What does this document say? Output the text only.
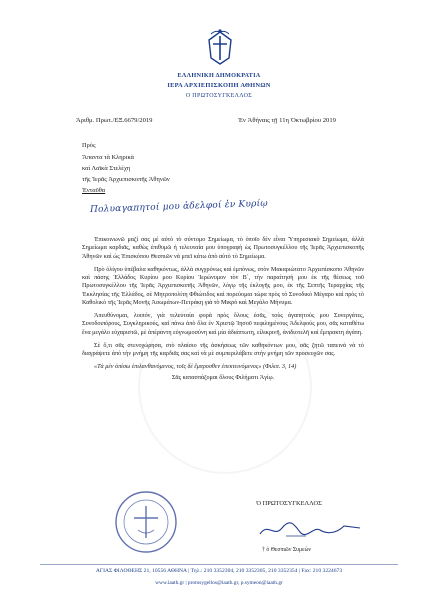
ΕΛΛΗΝΙΚΗ ΔΗΜΟΚΡΑΤΙΑ
ΙΕΡΑ ΑΡΧΙΕΠΙΣΚΟΠΗ ΑΘΗΝΩΝ
Ο ΠΡΩΤΟΣΥΓΚΕΛΛΟΣ
Ἀριθμ. Πρωτ./ΕΞ.6679/2019	Ἐν Ἀθήναις τῇ 11η Ὀκτωβρίου 2019
Πρὸς
Ἅπαντα τὰ Κληρικὰ
καὶ Λαϊκὰ Στελέχη
τῆς Ἱερᾶς Ἀρχιεπισκοπῆς Ἀθηνῶν
Ἐνταῦθα
Πολυαγαπητοί μου ἀδελφοί ἐν Κυρίῳ

Ἐπικοινωνῶ μαζί σας μὲ αὐτὸ τὸ σύντομο Σημείωμα, τὸ ὁποῖο δὲν εἶναι Ὑπηρεσιακὸ Σημείωμα, ἀλλὰ Σημείωμα καρδιᾶς, καθὼς ἐπιθυμῶ ἡ τελευταία μου ὑπογραφὴ ὡς Πρωτοσυγκέλλου τῆς Ἱερᾶς Ἀρχιεπισκοπῆς Ἀθηνῶν καὶ ὡς Ἐπισκόπου Θεσπιῶν νὰ μπεῖ κάτω ἀπὸ αὐτὸ τὸ Σημείωμα.

Πρὸ ὀλίγου ὑπέβαλα καθηκόντως, ἀλλὰ συγχρόνως καὶ ἐμπόνως, στὸν Μακαριώτατο Ἀρχιεπίσκοπο Ἀθηνῶν καὶ πάσης Ἑλλάδος Κυρίου μου Κυρίου Ἱερώνυμον τὸν Β΄, τὴν παραίτησή μου ἐκ τῆς θέσεως τοῦ Πρωτοσυγκέλλου τῆς Ἱερᾶς Ἀρχιεπισκοπῆς Ἀθηνῶν, λόγῳ τῆς ἐκλογῆς μου, ἐκ τῆς Σεπτῆς Ἱεραρχίας τῆς Ἐκκλησίας τῆς Ἑλλάδος, σὲ Μητροπολίτη Φθιώτιδος καὶ πορεύομαι τώρα πρὸς τὸ Συνοδικὸ Μέγαρο καὶ πρὸς τὸ Καθολικὸ τῆς Ἱερᾶς Μονῆς Ἀσωμάτων-Πετράκη γιὰ τὸ Μικρὸ καὶ Μεγάλο Μήνυμα.

Ἀπευθύνομαι, λοιπόν, γιὰ τελευταία φορὰ πρὸς ὅλους ἐσᾶς, τοὺς ἀγαπητούς μου Συνεργάτες, Συνοδοιπόρους, Συγκληρικούς, καὶ πάνω ἀπὸ ὅλα ἐν Χριστῷ Ἰησοῦ πεφιλημένους Ἀδελφούς μου, σᾶς καταθέτω ἕνα μεγάλο εὐχαριστῶ, μὲ ἀπέραντη εὐγνωμοσύνη καὶ μία ἀδιάπτωτη, εἰλικρινῆ, ἀνιδιοτελῆ καὶ ἔμπρακτη ἀγάπη.

Σὲ ὅ,τι σᾶς στενοχώρησα, στὸ πλαίσιο τῆς ἀσκήσεως τῶν καθηκόντων μου, σᾶς ζητῶ ταπεινὰ νὰ τὸ διαγράψετε ἀπὸ τὴν μνήμη τῆς καρδιᾶς σας καὶ νὰ μὲ συμπεριλάβετε στὴν μνήμη τῶν προσευχῶν σας.

«Τὰ μὲν ὀπίσω ἐπιλανθανόμενος, τοῖς δὲ ἔμπροσθεν ἐπεκτεινόμενος» (Φιλιπ. 3, 14)

Σᾶς κατασπάζομαι ὅλους Φιλήματι Ἁγίῳ.

Ὁ ΠΡΩΤΟΣΥΓΚΕΛΛΟΣ
† ὁ Θεσπιῶν Συμεών
ΑΓΙΑΣ ΦΙΛΟΘΕΗΣ 21, 10556 ΑΘΗΝΑ | Τηλ.: 210 3352304, 210 3352305, 210 3352354 | Fax: 210 3224673
www.iaath.gr | protosygellos@iaath.gr, p.symeon@iaath.gr
